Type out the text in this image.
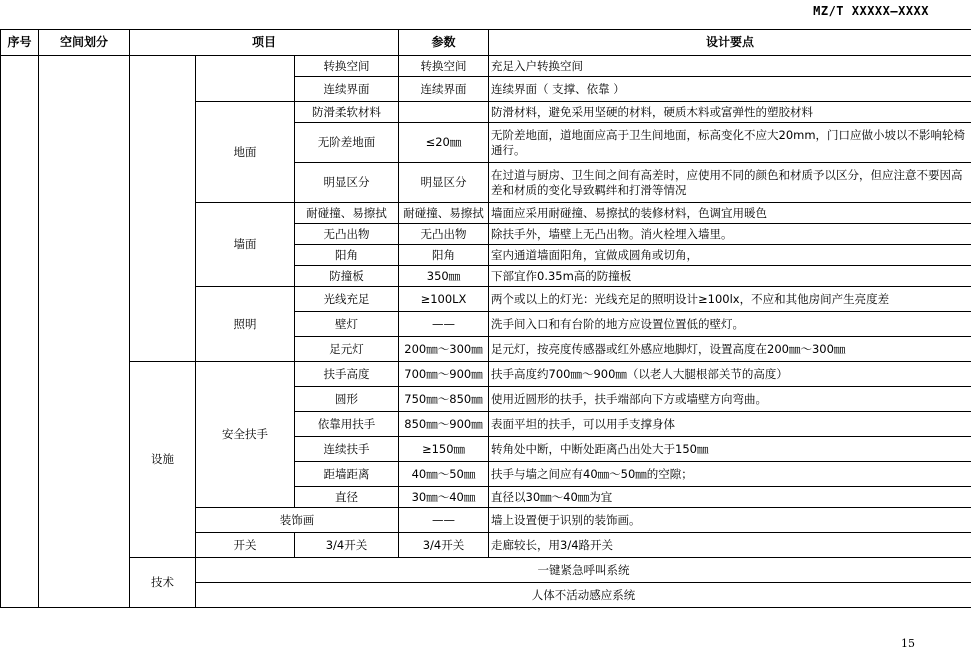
MZ/T XXXXX—XXXX
序号	空间划分	项目			参数	设计要点	
				转换空间	转换空间	充足入户转换空间	
				连续界面	连续界面	连续界面（ 支撑、依靠 ）	
			地面	防滑柔软材料		防滑材料，避免采用坚硬的材料，硬质木料或富弹性的塑胶材料	
				无阶差地面	≤20㎜	无阶差地面，道地面应高于卫生间地面，标高变化不应大20mm，门口应做小坡以不影响轮椅通行。	
				明显区分	明显区分	在过道与厨房、卫生间之间有高差时，应使用不同的颜色和材质予以区分，但应注意不要因高差和材质的变化导致羁绊和打滑等情况	
			墙面	耐碰撞、易擦拭	耐碰撞、易擦拭	墙面应采用耐碰撞、易擦拭的装修材料，色调宜用暖色	
				无凸出物	无凸出物	除扶手外，墙壁上无凸出物。消火栓埋入墙里。	
				阳角	阳角	室内通道墙面阳角，宜做成圆角或切角，	
				防撞板	350㎜	下部宜作0.35m高的防撞板	
			照明	光线充足	≥100LX	两个或以上的灯光：光线充足的照明设计≥100lx，不应和其他房间产生亮度差	
				壁灯	——	洗手间入口和有台阶的地方应设置位置低的壁灯。	
				足元灯	200㎜～300㎜	足元灯，按亮度传感器或红外感应地脚灯，设置高度在200㎜～300㎜	
		设施	安全扶手	扶手高度	700㎜～900㎜	扶手高度约700㎜～900㎜（以老人大腿根部关节的高度）	
				圆形	750㎜～850㎜	使用近圆形的扶手，扶手端部向下方或墙壁方向弯曲。	
				依靠用扶手	850㎜～900㎜	表面平坦的扶手，可以用手支撑身体	
				连续扶手	≥150㎜	转角处中断，中断处距离凸出处大于150㎜	
				距墙距离	40㎜～50㎜	扶手与墙之间应有40㎜～50㎜的空隙；	
				直径	30㎜～40㎜	直径以30㎜～40㎜为宜	
			装饰画		——	墙上设置便于识别的装饰画。	
			开关	3/4开关	3/4开关	走廊较长，用3/4路开关	
		技术	一键紧急呼叫系统				
			人体不活动感应系统				
15
